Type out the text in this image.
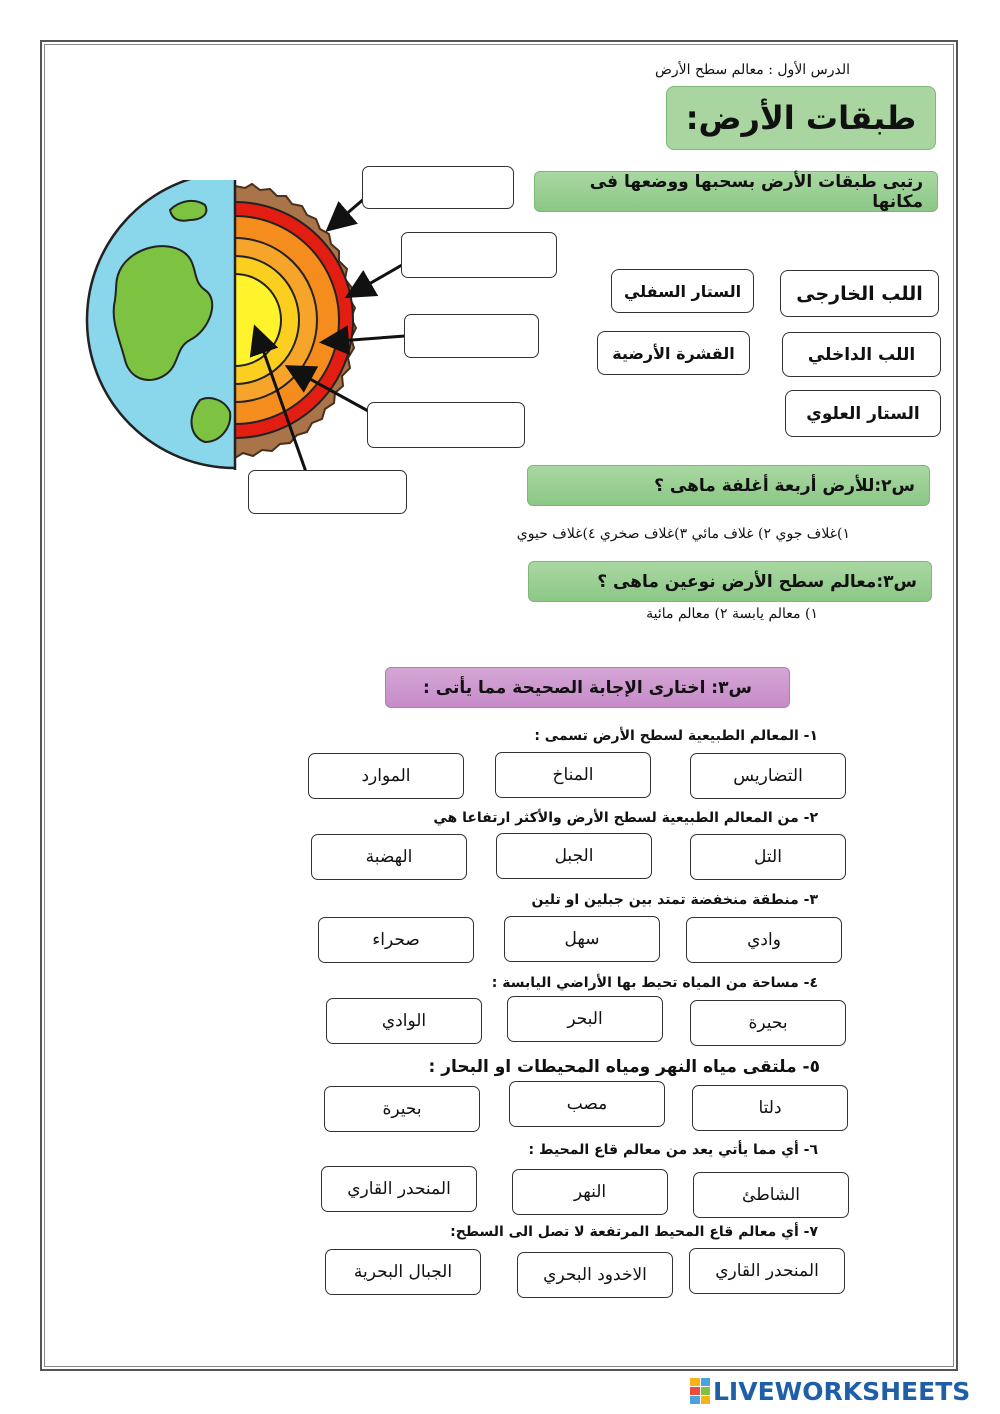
الدرس الأول : معالم سطح الأرض
طبقات الأرض:
رتبى طبقات الأرض بسحبها ووضعها فى مكانها
اللب الخارجى
الستار السفلي
اللب الداخلي
القشرة الأرضية
الستار العلوي
س٢:للأرض أربعة أغلفة ماهى ؟
١)غلاف جوي ٢) غلاف مائي ٣)غلاف صخري ٤)غلاف حيوي
س٣:معالم سطح الأرض نوعين ماهى ؟
١) معالم يابسة ٢) معالم مائية
س٣: اختارى الإجابة الصحيحة مما يأتى :
١- المعالم الطبيعية لسطح الأرض تسمى :
التضاريس
المناخ
الموارد
٢- من المعالم الطبيعية لسطح الأرض والأكثر ارتفاعا هي
التل
الجبل
الهضبة
٣- منطقة منخفضة تمتد بين جبلين او تلين
وادي
سهل
صحراء
٤- مساحة من المياه تحيط بها الأراضي اليابسة :
بحيرة
البحر
الوادي
٥- ملتقى مياه النهر ومياه المحيطات او البحار :
دلتا
مصب
بحيرة
٦- أي مما يأتي يعد من معالم قاع المحيط :
الشاطئ
النهر
المنحدر القاري
٧- أي معالم قاع المحيط المرتفعة لا تصل الى السطح:
المنحدر القاري
الاخدود البحري
الجبال البحرية
LIVEWORKSHEETS
